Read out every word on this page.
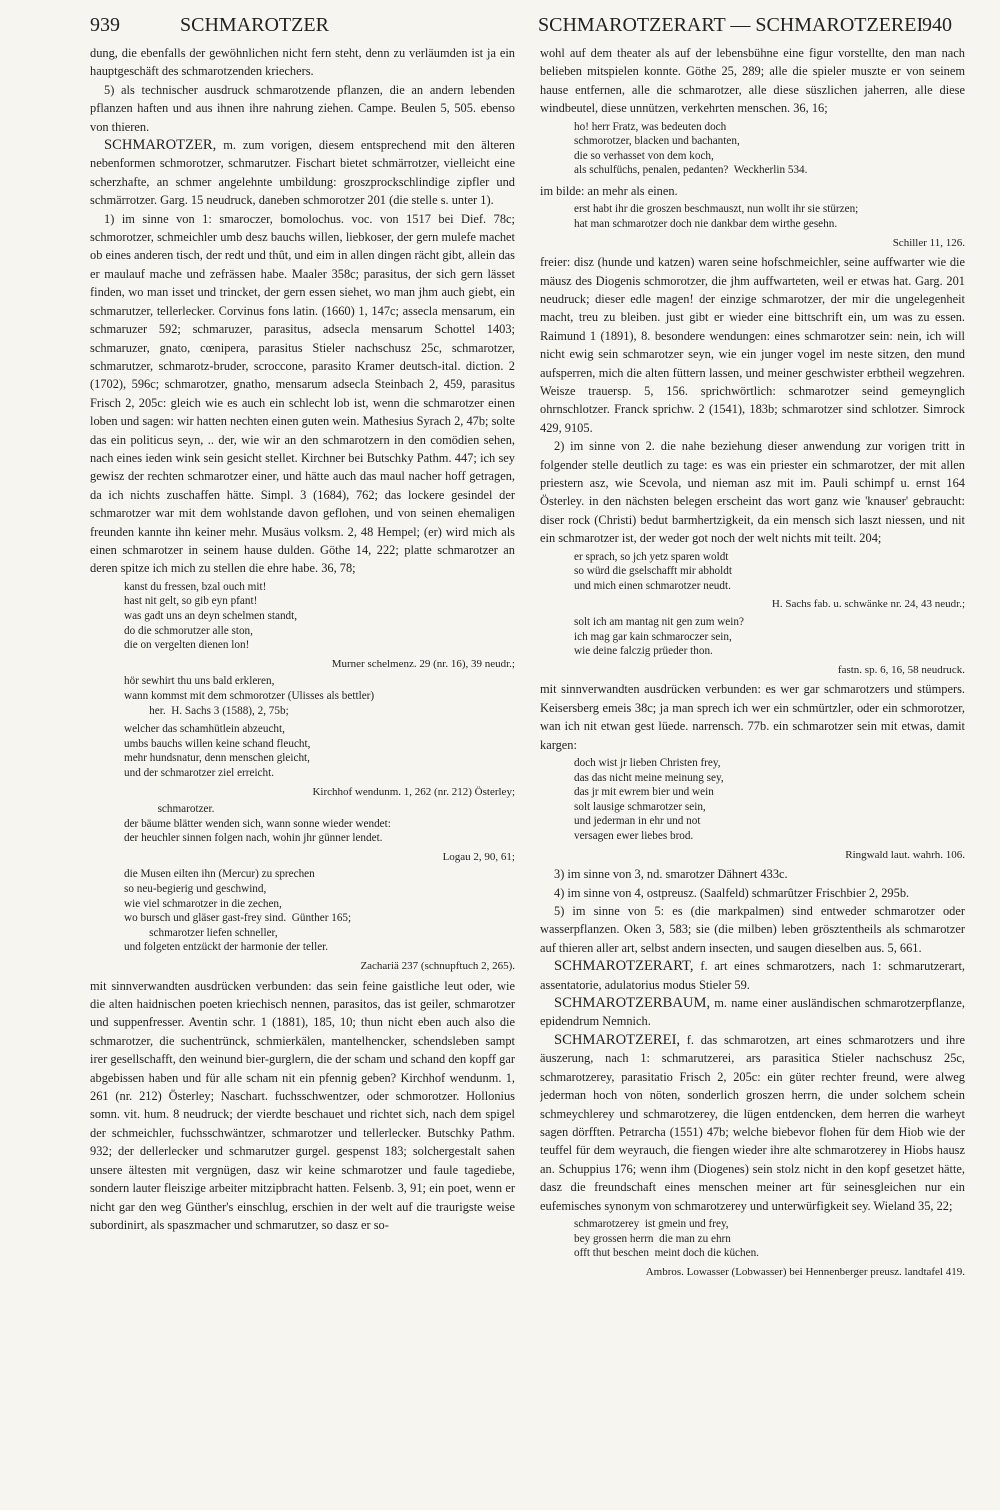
939	SCHMAROTZER	SCHMAROTZERART — SCHMAROTZEREI
940

dung, die ebenfalls der gewöhnlichen nicht fern steht, denn zu verläumden ist ja ein hauptgeschäft des schmarotzenden kriechers.

5) als technischer ausdruck schmarotzende pflanzen, die an andern lebenden pflanzen haften und aus ihnen ihre nahrung ziehen. Campe. Beulen 5, 505. ebenso von thieren.

SCHMAROTZER, m. zum vorigen, diesem entsprechend mit den älteren nebenformen schmorotzer, schmarutzer. Fischart bietet schmärrotzer, vielleicht eine scherzhafte, an schmer angelehnte umbildung: groszprockschlindige zipfler und schmärrotzer. Garg. 15 neudruck, daneben schmorotzer 201 (die stelle s. unter 1).

1) im sinne von 1: smaroczer, bomolochus. voc. von 1517 bei Dief. 78c; schmorotzer, schmeichler umb desz bauchs willen, liebkoser, der gern mulefe machet ob eines anderen tisch, der redt und thût, und eim in allen dingen rächt gibt, allein das er maulauf mache und zefrässen habe. Maaler 358c; parasitus, der sich gern lässet finden, wo man isset und trincket, der gern essen siehet, wo man jhm auch giebt, ein schmarutzer, tellerlecker. Corvinus fons latin. (1660) 1, 147c; assecla mensarum, ein schmaruzer 592; schmaruzer, parasitus, adsecla mensarum Schottel 1403; schmaruzer, gnato, cœnipera, parasitus Stieler nachschusz 25c, schmarotzer, schmarutzer, schmarotz-bruder, scroccone, parasito Kramer deutsch-ital. diction. 2 (1702), 596c; schmarotzer, gnatho, mensarum adsecla Steinbach 2, 459, parasitus Frisch 2, 205c: gleich wie es auch ein schlecht lob ist, wenn die schmarotzer einen loben und sagen: wir hatten nechten einen guten wein. Mathesius Syrach 2, 47b; solte das ein politicus seyn, .. der, wie wir an den schmarotzern in den comödien sehen, nach eines ieden wink sein gesicht stellet. Kirchner bei Butschky Pathm. 447; ich sey gewisz der rechten schmarotzer einer, und hätte auch das maul nacher hoff getragen, da ich nichts zuschaffen hätte. Simpl. 3 (1684), 762; das lockere gesindel der schmarotzer war mit dem wohlstande davon geflohen, und von seinen ehemaligen freunden kannte ihn keiner mehr. Musäus volksm. 2, 48 Hempel; (er) wird mich als einen schmarotzer in seinem hause dulden. Göthe 14, 222; platte schmarotzer an deren spitze ich mich zu stellen die ehre habe. 36, 78;

kanst du fressen, bzal ouch mit!
hast nit gelt, so gib eyn pfant!
was gadt uns an deyn schelmen standt,
do die schmorutzer alle ston,
die on vergelten dienen lon!
Murner schelmenz. 29 (nr. 16), 39 neudr.;
hör sewhirt thu uns bald erkleren,
wann kommst mit dem schmorotzer (Ulisses als bettler)
her.  H. Sachs 3 (1588), 2, 75b;
welcher das schamhütlein abzeucht,
umbs bauchs willen keine schand fleucht,
mehr hundsnatur, denn menschen gleicht,
und der schmarotzer ziel erreicht.
Kirchhof wendunm. 1, 262 (nr. 212) Österley;
schmarotzer.
der bäume blätter wenden sich, wann sonne wieder wendet:
der heuchler sinnen folgen nach, wohin jhr günner lendet.
Logau 2, 90, 61;
die Musen eilten ihn (Mercur) zu sprechen
so neu-begierig und geschwind,
wie viel schmarotzer in die zechen,
wo bursch und gläser gast-frey sind.  Günther 165;
schmarotzer liefen schneller,
und folgeten entzückt der harmonie der teller.
Zachariä 237 (schnupftuch 2, 265).

mit sinnverwandten ausdrücken verbunden: das sein feine gaistliche leut oder, wie die alten haidnischen poeten kriechisch nennen, parasitos, das ist geiler, schmarotzer und suppenfresser. Aventin schr. 1 (1881), 185, 10; thun nicht eben auch also die schmarotzer, die suchentrünck, schmierkälen, mantelhencker, schendsleben sampt irer gesellschafft, den weinund bier-gurglern, die der scham und schand den kopff gar abgebissen haben und für alle scham nit ein pfennig geben? Kirchhof wendunm. 1, 261 (nr. 212) Österley; Naschart. fuchsschwentzer, oder schmorotzer. Hollonius somn. vit. hum. 8 neudruck; der vierdte beschauet und richtet sich, nach dem spigel der schmeichler, fuchsschwäntzer, schmarotzer und tellerlecker. Butschky Pathm. 932; der dellerlecker und schmarutzer gurgel. gespenst 183; solchergestalt sahen unsere ältesten mit vergnügen, dasz wir keine schmarotzer und faule tagediebe, sondern lauter fleiszige arbeiter mitzipbracht hatten. Felsenb. 3, 91; ein poet, wenn er nicht gar den weg Günther's einschlug, erschien in der welt auf die traurigste weise subordinirt, als spaszmacher und schmarutzer, so dasz er so-

wohl auf dem theater als auf der lebensbühne eine figur vorstellte, den man nach belieben mitspielen konnte. Göthe 25, 289; alle die spieler muszte er von seinem hause entfernen, alle die schmarotzer, alle diese süszlichen jaherren, alle diese windbeutel, diese unnützen, verkehrten menschen. 36, 16;

ho! herr Fratz, was bedeuten doch
schmorotzer, blacken und bachanten,
die so verhasset von dem koch,
als schulfüchs, penalen, pedanten?  Weckherlin 534.

im bilde: an mehr als einen.

erst habt ihr die groszen beschmauszt, nun wollt ihr sie stürzen;
hat man schmarotzer doch nie dankbar dem wirthe gesehn.
Schiller 11, 126.

freier: disz (hunde und katzen) waren seine hofschmeichler, seine auffwarter wie die mäusz des Diogenis schmorotzer, die jhm auffwarteten, weil er etwas hat. Garg. 201 neudruck; dieser edle magen! der einzige schmarotzer, der mir die ungelegenheit macht, treu zu bleiben. just gibt er wieder eine bittschrift ein, um was zu essen. Raimund 1 (1891), 8. besondere wendungen: eines schmarotzer sein: nein, ich will nicht ewig sein schmarotzer seyn, wie ein junger vogel im neste sitzen, den mund aufsperren, mich die alten füttern lassen, und meiner geschwister erbtheil wegzehren. Weisze trauersp. 5, 156. sprichwörtlich: schmarotzer seind gemeynglich ohrnschlotzer. Franck sprichw. 2 (1541), 183b; schmarotzer sind schlotzer. Simrock 429, 9105.

2) im sinne von 2. die nahe beziehung dieser anwendung zur vorigen tritt in folgender stelle deutlich zu tage: es was ein priester ein schmarotzer, der mit allen priestern asz, wie Scevola, und nieman asz mit im. Pauli schimpf u. ernst 164 Österley. in den nächsten belegen erscheint das wort ganz wie 'knauser' gebraucht: diser rock (Christi) bedut barmhertzigkeit, da ein mensch sich laszt niessen, und nit ein schmarotzer ist, der weder got noch der welt nichts mit teilt. 204;

er sprach, so jch yetz sparen woldt
so würd die gselschafft mir abholdt
und mich einen schmarotzer neudt.
H. Sachs fab. u. schwänke nr. 24, 43 neudr.;
solt ich am mantag nit gen zum wein?
ich mag gar kain schmaroczer sein,
wie deine falczig prüeder thon.
fastn. sp. 6, 16, 58 neudruck.

mit sinnverwandten ausdrücken verbunden: es wer gar schmarotzers und stümpers. Keisersberg emeis 38c; ja man sprech ich wer ein schmürtzler, oder ein schmorotzer, wan ich nit etwan gest lüede. narrensch. 77b. ein schmarotzer sein mit etwas, damit kargen:

doch wist jr lieben Christen frey,
das das nicht meine meinung sey,
das jr mit ewrem bier und wein
solt lausige schmarotzer sein,
und jederman in ehr und not
versagen ewer liebes brod.
Ringwald laut. wahrh. 106.

3) im sinne von 3, nd. smarotzer Dähnert 433c.

4) im sinne von 4, ostpreusz. (Saalfeld) schmarûtzer Frischbier 2, 295b.

5) im sinne von 5: es (die markpalmen) sind entweder schmarotzer oder wasserpflanzen. Oken 3, 583; sie (die milben) leben grösztentheils als schmarotzer auf thieren aller art, selbst andern insecten, und saugen dieselben aus. 5, 661.

SCHMAROTZERART, f. art eines schmarotzers, nach 1: schmarutzerart, assentatorie, adulatorius modus Stieler 59.

SCHMAROTZERBAUM, m. name einer ausländischen schmarotzerpflanze, epidendrum Nemnich.

SCHMAROTZEREI, f. das schmarotzen, art eines schmarotzers und ihre äuszerung, nach 1: schmarutzerei, ars parasitica Stieler nachschusz 25c, schmarotzerey, parasitatio Frisch 2, 205c: ein güter rechter freund, were alweg jederman hoch von nöten, sonderlich groszen herrn, die under solchem schein schmeychlerey und schmarotzerey, die lügen entdencken, dem herren die warheyt sagen dörfften. Petrarcha (1551) 47b; welche biebevor flohen für dem Hiob wie der teuffel für dem weyrauch, die fiengen wieder ihre alte schmarotzerey in Hiobs hausz an. Schuppius 176; wenn ihm (Diogenes) sein stolz nicht in den kopf gesetzet hätte, dasz die freundschaft eines menschen meiner art für seinesgleichen nur ein eufemisches synonym von schmarotzerey und unterwürfigkeit sey. Wieland 35, 22;

schmarotzerey  ist gmein und frey,
bey grossen herrn  die man zu ehrn
offt thut beschen  meint doch die küchen.
Ambros. Lowasser (Lobwasser) bei Hennenberger preusz. landtafel 419.
